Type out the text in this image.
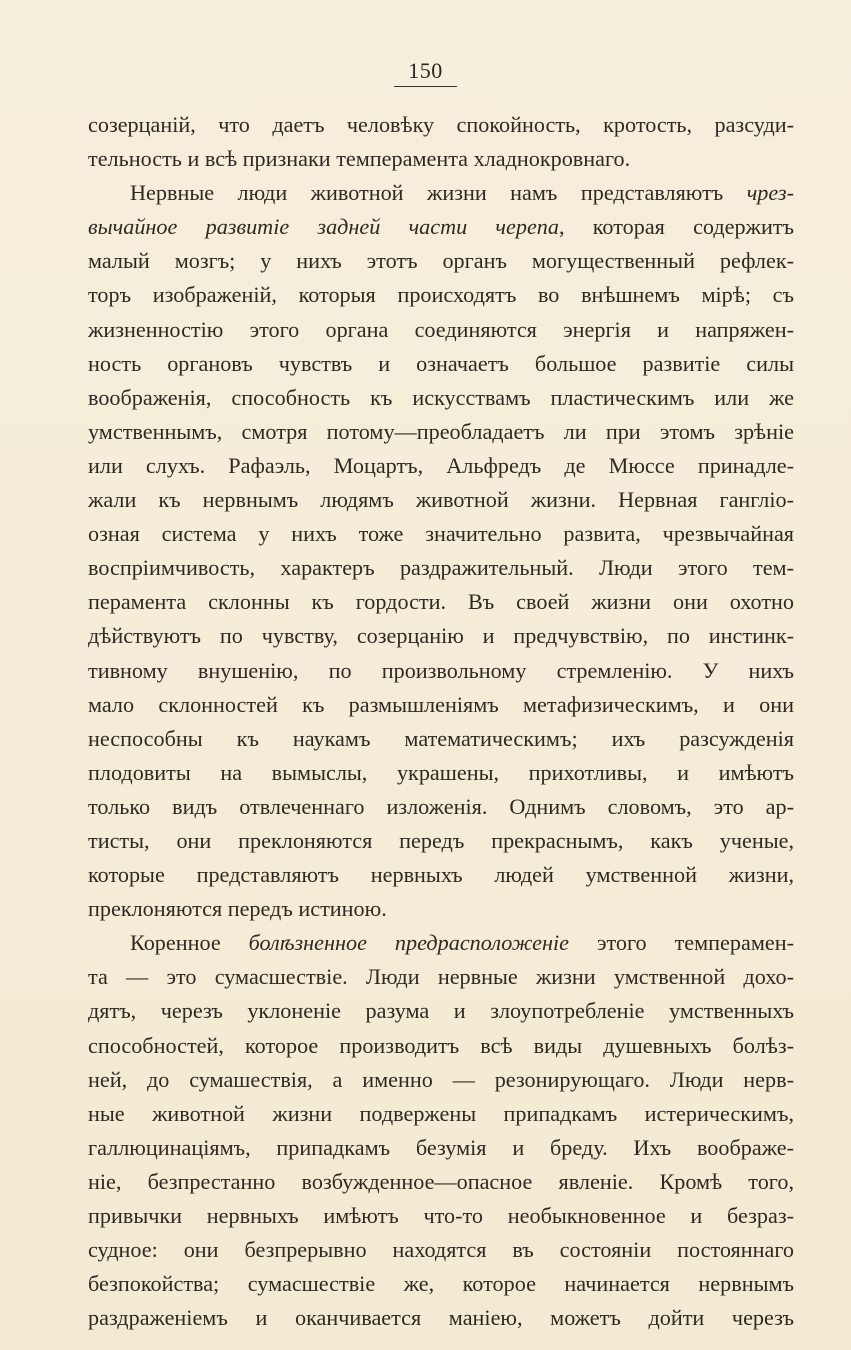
150
созерцаній, что даетъ человѣку спокойность, кротость, разсуди-
тельность и всѣ признаки темперамента хладнокровнаго.
Нервные люди животной жизни намъ представляютъ чрез-
вычайное развитіе задней части черепа, которая содержитъ
малый мозгъ; у нихъ этотъ органъ могущественный рефлек-
торъ изображеній, которыя происходятъ во внѣшнемъ мірѣ; съ
жизненностію этого органа соединяются энергія и напряжен-
ность органовъ чувствъ и означаетъ большое развитіе силы
воображенія, способность къ искусствамъ пластическимъ или же
умственнымъ, смотря потому—преобладаетъ ли при этомъ зрѣніе
или слухъ. Рафаэль, Моцартъ, Альфредъ де Мюссе принадле-
жали къ нервнымъ людямъ животной жизни. Нервная гангліо-
озная система у нихъ тоже значительно развита, чрезвычайная
воспріимчивость, характеръ раздражительный. Люди этого тем-
перамента склонны къ гордости. Въ своей жизни они охотно
дѣйствуютъ по чувству, созерцанію и предчувствію, по инстинк-
тивному внушенію, по произвольному стремленію. У нихъ
мало склонностей къ размышленіямъ метафизическимъ, и они
неспособны къ наукамъ математическимъ; ихъ разсужденія
плодовиты на вымыслы, украшены, прихотливы, и имѣютъ
только видъ отвлеченнаго изложенія. Однимъ словомъ, это ар-
тисты, они преклоняются передъ прекраснымъ, какъ ученые,
которые представляютъ нервныхъ людей умственной жизни,
преклоняются передъ истиною.
Коренное болѣзненное предрасположеніе этого темперамен-
та — это сумасшествіе. Люди нервные жизни умственной дохо-
дятъ, черезъ уклоненіе разума и злоупотребленіе умственныхъ
способностей, которое производитъ всѣ виды душевныхъ болѣз-
ней, до сумашествія, а именно — резонирующаго. Люди нерв-
ные животной жизни подвержены припадкамъ истерическимъ,
галлюцинаціямъ, припадкамъ безумія и бреду. Ихъ воображе-
ніе, безпрестанно возбужденное—опасное явленіе. Кромѣ того,
привычки нервныхъ имѣютъ что-то необыкновенное и безраз-
судное: они безпрерывно находятся въ состояніи постояннаго
безпокойства; сумасшествіе же, которое начинается нервнымъ
раздраженіемъ и оканчивается маніею, можетъ дойти черезъ
